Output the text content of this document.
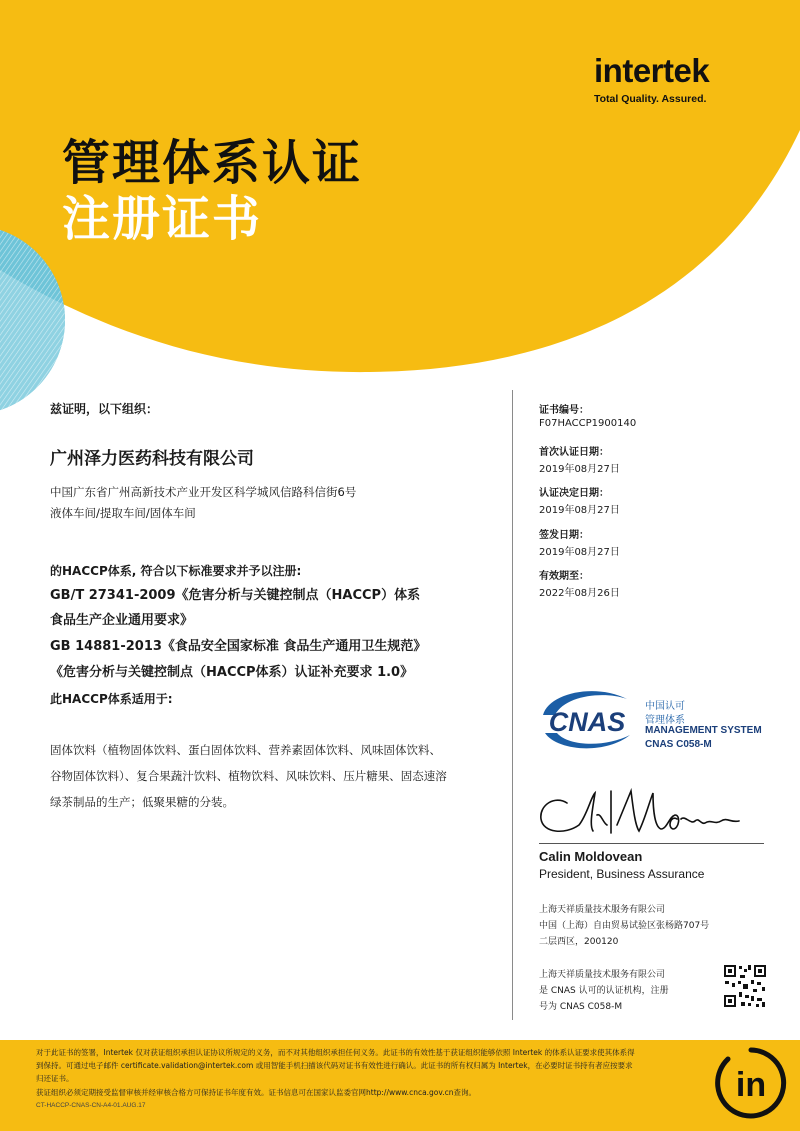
intertek
Total Quality. Assured.
管理体系认证
注册证书
兹证明，以下组织：
广州泽力医药科技有限公司
中国广东省广州高新技术产业开发区科学城风信路科信街6号
液体车间/提取车间/固体车间
的HACCP体系, 符合以下标准要求并予以注册:
GB/T 27341-2009《危害分析与关键控制点（HACCP）体系
食品生产企业通用要求》
GB 14881-2013《食品安全国家标准 食品生产通用卫生规范》
《危害分析与关键控制点（HACCP体系）认证补充要求 1.0》
此HACCP体系适用于:
固体饮料（植物固体饮料、蛋白固体饮料、营养素固体饮料、风味固体饮料、
谷物固体饮料）、复合果蔬汁饮料、植物饮料、风味饮料、压片糖果、固态速溶
绿茶制品的生产；低聚果糖的分装。
证书编号：
F07HACCP1900140
首次认证日期：
2019年08月27日
认证决定日期：
2019年08月27日
签发日期：
2019年08月27日
有效期至：
2022年08月26日
CNAS
中国认可
管理体系
MANAGEMENT SYSTEM
CNAS C058-M
Calin Moldovean
President, Business Assurance
上海天祥质量技术服务有限公司
中国（上海）自由贸易试验区张杨路707号
二层西区，200120
上海天祥质量技术服务有限公司
是 CNAS 认可的认证机构，注册
号为 CNAS C058-M
对于此证书的签署，Intertek 仅对获证组织承担认证协议所规定的义务，而不对其他组织承担任何义务。此证书的有效性基于获证组织能够依照 Intertek 的体系认证要求使其体系得
到保持。可通过电子邮件 certificate.validation@intertek.com 或用智能手机扫描该代码对证书有效性进行确认。此证书的所有权归属为 Intertek，在必要时证书持有者应按要求
归还证书。
获证组织必须定期接受监督审核并经审核合格方可保持证书年度有效。证书信息可在国家认监委官网http://www.cnca.gov.cn查询。
CT-HACCP-CNAS-CN-A4-01.AUG.17
in
